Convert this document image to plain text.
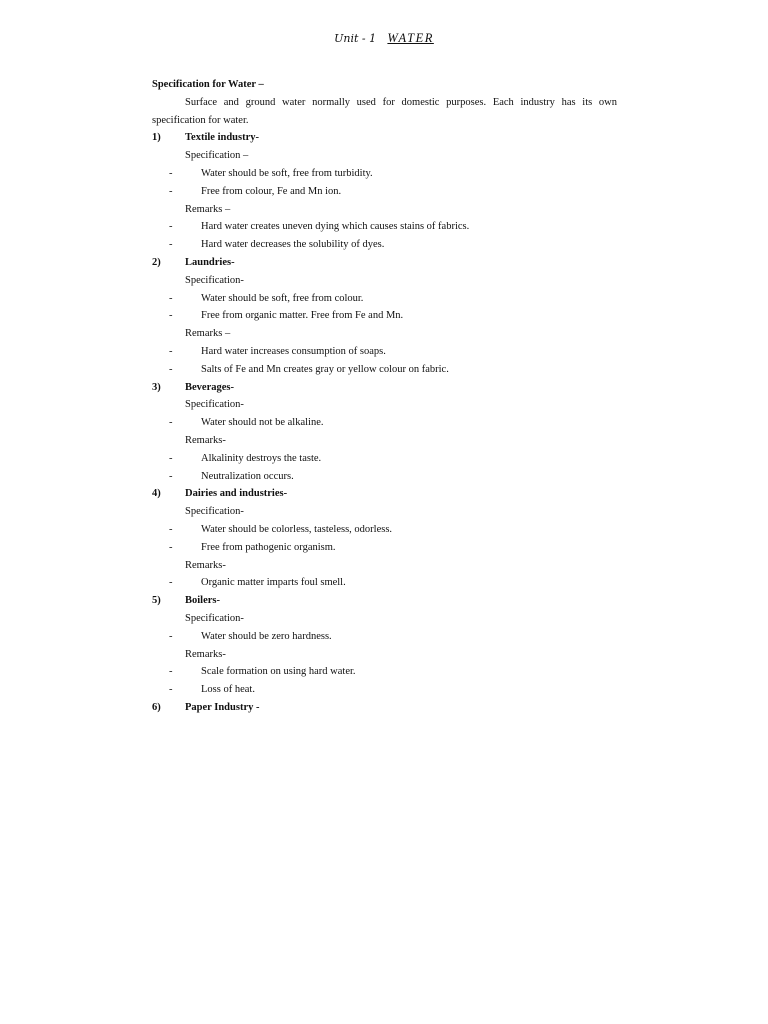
Unit - 1 WATER
Specification for Water –
Surface and ground water normally used for domestic purposes. Each industry has its own specification for water.
1) Textile industry-
Specification –
-	Water should be soft, free from turbidity.
-	Free from colour, Fe and Mn ion.
Remarks –
-	Hard water creates uneven dying which causes stains of fabrics.
-	Hard water decreases the solubility of dyes.
2) Laundries-
Specification-
-	Water should be soft, free from colour.
-	Free from organic matter. Free from Fe and Mn.
Remarks –
-	Hard water increases consumption of soaps.
-	Salts of Fe and Mn creates gray or yellow colour on fabric.
3) Beverages-
Specification-
-	Water should not be alkaline.
Remarks-
-	Alkalinity destroys the taste.
-	Neutralization occurs.
4) Dairies and industries-
Specification-
-	Water should be colorless, tasteless, odorless.
-	Free from pathogenic organism.
Remarks-
-	Organic matter imparts foul smell.
5) Boilers-
Specification-
-	Water should be zero hardness.
Remarks-
-	Scale formation on using hard water.
-	Loss of heat.
6) Paper Industry -
